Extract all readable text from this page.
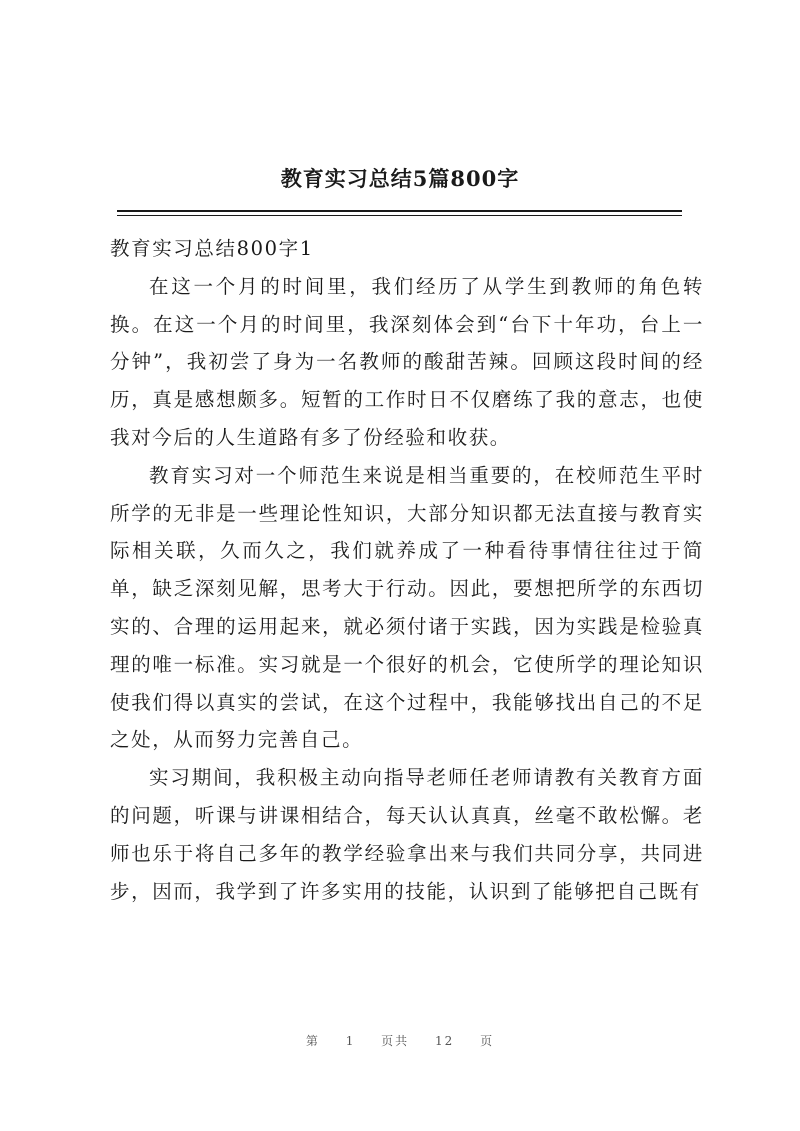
教育实习总结5篇800字

教育实习总结800字1

在这一个月的时间里，我们经历了从学生到教师的角色转换。在这一个月的时间里，我深刻体会到“台下十年功，台上一分钟”，我初尝了身为一名教师的酸甜苦辣。回顾这段时间的经历，真是感想颇多。短暂的工作时日不仅磨练了我的意志，也使我对今后的人生道路有多了份经验和收获。

教育实习对一个师范生来说是相当重要的，在校师范生平时所学的无非是一些理论性知识，大部分知识都无法直接与教育实际相关联，久而久之，我们就养成了一种看待事情往往过于简单，缺乏深刻见解，思考大于行动。因此，要想把所学的东西切实的、合理的运用起来，就必须付诸于实践，因为实践是检验真理的唯一标准。实习就是一个很好的机会，它使所学的理论知识使我们得以真实的尝试，在这个过程中，我能够找出自己的不足之处，从而努力完善自己。

实习期间，我积极主动向指导老师任老师请教有关教育方面的问题，听课与讲课相结合，每天认认真真，丝毫不敢松懈。老师也乐于将自己多年的教学经验拿出来与我们共同分享，共同进步，因而，我学到了许多实用的技能，认识到了能够把自己既有

第 1 页共 12 页
